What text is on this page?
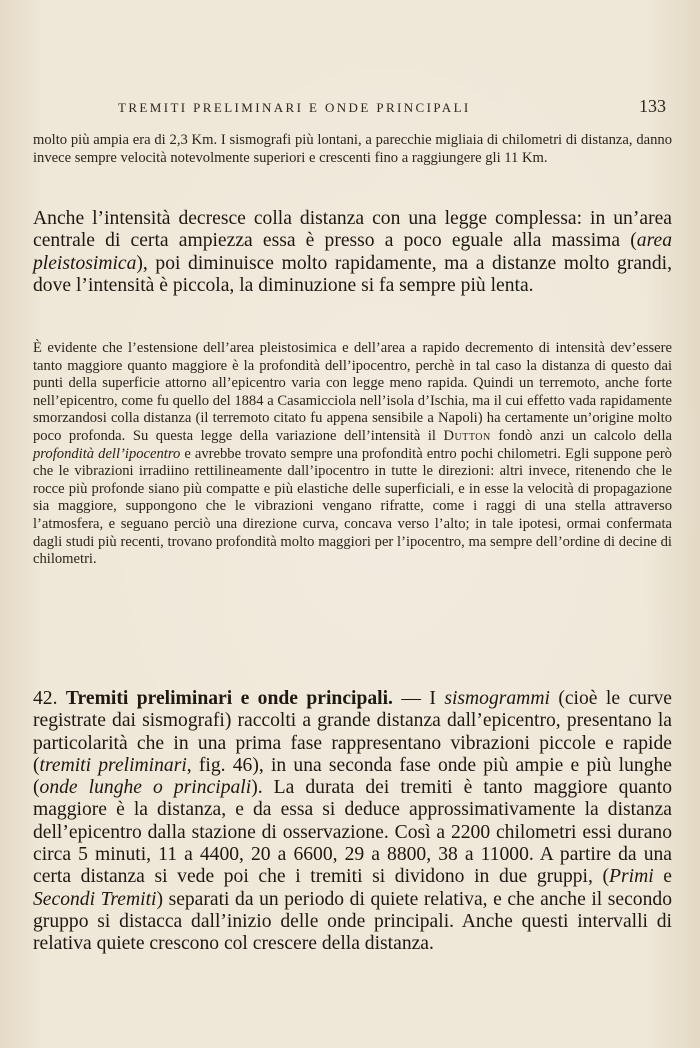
TREMITI PRELIMINARI E ONDE PRINCIPALI	133

molto più ampia era di 2,3 Km. I sismografi più lontani, a parecchie migliaia di chilometri di distanza, danno invece sempre velocità notevolmente superiori e crescenti fino a raggiungere gli 11 Km.

Anche l’intensità decresce colla distanza con una legge complessa: in un’area centrale di certa ampiezza essa è presso a poco eguale alla massima (area pleistosimica), poi diminuisce molto rapidamente, ma a distanze molto grandi, dove l’intensità è piccola, la diminuzione si fa sempre più lenta.

È evidente che l’estensione dell’area pleistosimica e dell’area a rapido decremento di intensità dev’essere tanto maggiore quanto maggiore è la profondità dell’ipocentro, perchè in tal caso la distanza di questo dai punti della superficie attorno all’epicentro varia con legge meno rapida. Quindi un terremoto, anche forte nell’epicentro, come fu quello del 1884 a Casamicciola nell’isola d’Ischia, ma il cui effetto vada rapidamente smorzandosi colla distanza (il terremoto citato fu appena sensibile a Napoli) ha certamente un’origine molto poco profonda. Su questa legge della variazione dell’intensità il Dutton fondò anzi un calcolo della profondità dell’ipocentro e avrebbe trovato sempre una profondità entro pochi chilometri. Egli suppone però che le vibrazioni irradiino rettilineamente dall’ipocentro in tutte le direzioni: altri invece, ritenendo che le rocce più profonde siano più compatte e più elastiche delle superficiali, e in esse la velocità di propagazione sia maggiore, suppongono che le vibrazioni vengano rifratte, come i raggi di una stella attraverso l’atmosfera, e seguano perciò una direzione curva, concava verso l’alto; in tale ipotesi, ormai confermata dagli studi più recenti, trovano profondità molto maggiori per l’ipocentro, ma sempre dell’ordine di decine di chilometri.

42. Tremiti preliminari e onde principali. — I sismogrammi (cioè le curve registrate dai sismografi) raccolti a grande distanza dall’epicentro, presentano la particolarità che in una prima fase rappresentano vibrazioni piccole e rapide (tremiti preliminari, fig. 46), in una seconda fase onde più ampie e più lunghe (onde lunghe o principali). La durata dei tremiti è tanto maggiore quanto maggiore è la distanza, e da essa si deduce approssimativamente la distanza dell’epicentro dalla stazione di osservazione. Così a 2200 chilometri essi durano circa 5 minuti, 11 a 4400, 20 a 6600, 29 a 8800, 38 a 11000. A partire da una certa distanza si vede poi che i tremiti si dividono in due gruppi, (Primi e Secondi Tremiti) separati da un periodo di quiete relativa, e che anche il secondo gruppo si distacca dall’inizio delle onde principali. Anche questi intervalli di relativa quiete crescono col crescere della distanza.
